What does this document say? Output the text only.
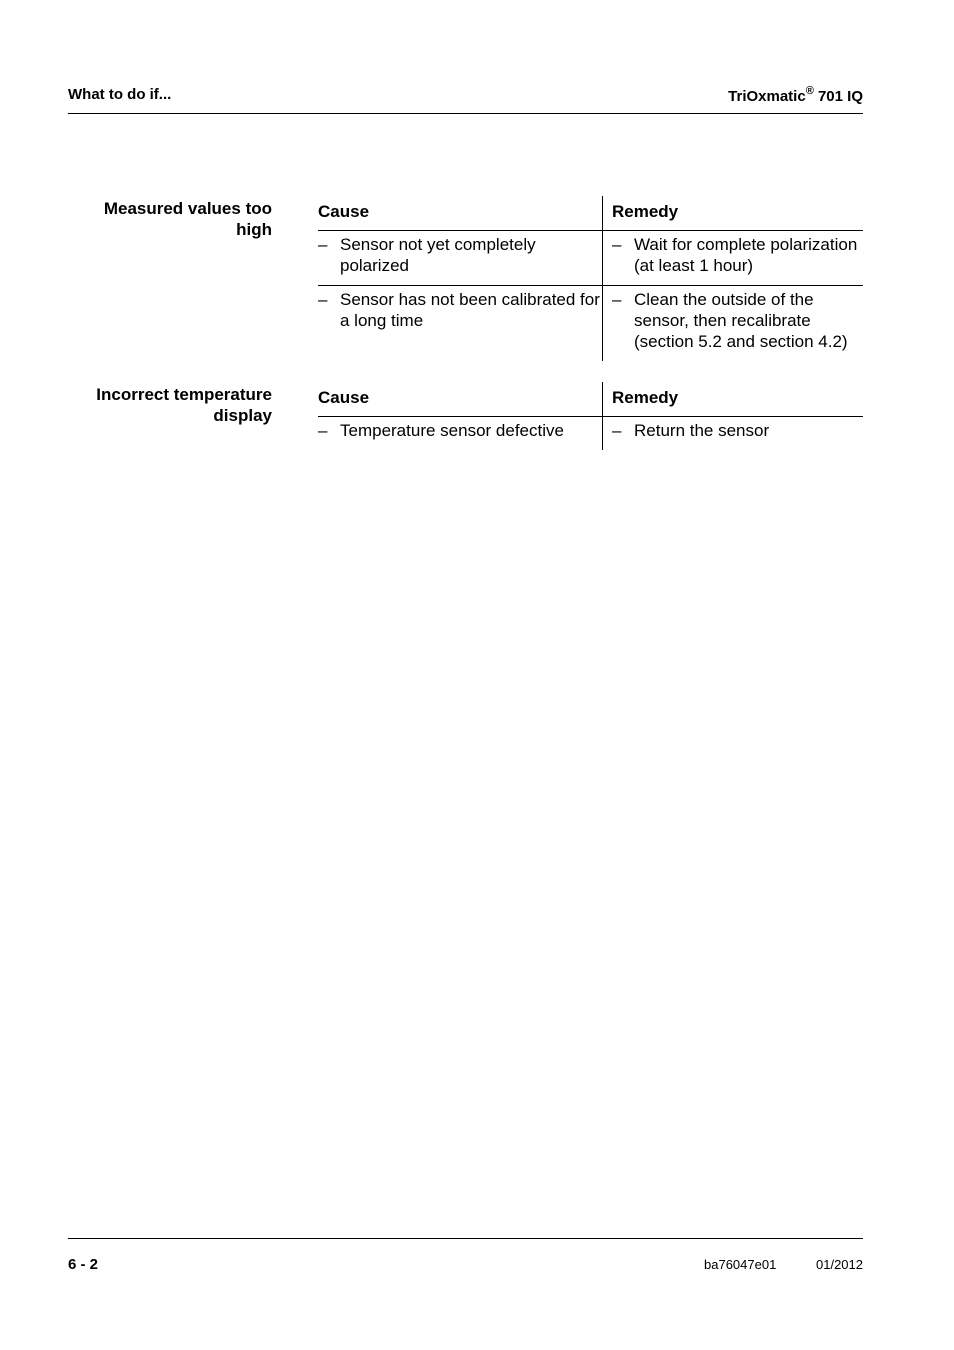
What to do if...	TriOxmatic® 701 IQ
Measured values too high
Cause	Remedy

– Sensor not yet completely polarized	– Wait for complete polarization (at least 1 hour)

– Sensor has not been calibrated for a long time	– Clean the outside of the sensor, then recalibrate (section 5.2 and section 4.2)
Incorrect temperature display
Cause	Remedy

– Temperature sensor defective	– Return the sensor
6 - 2	ba76047e01	01/2012
